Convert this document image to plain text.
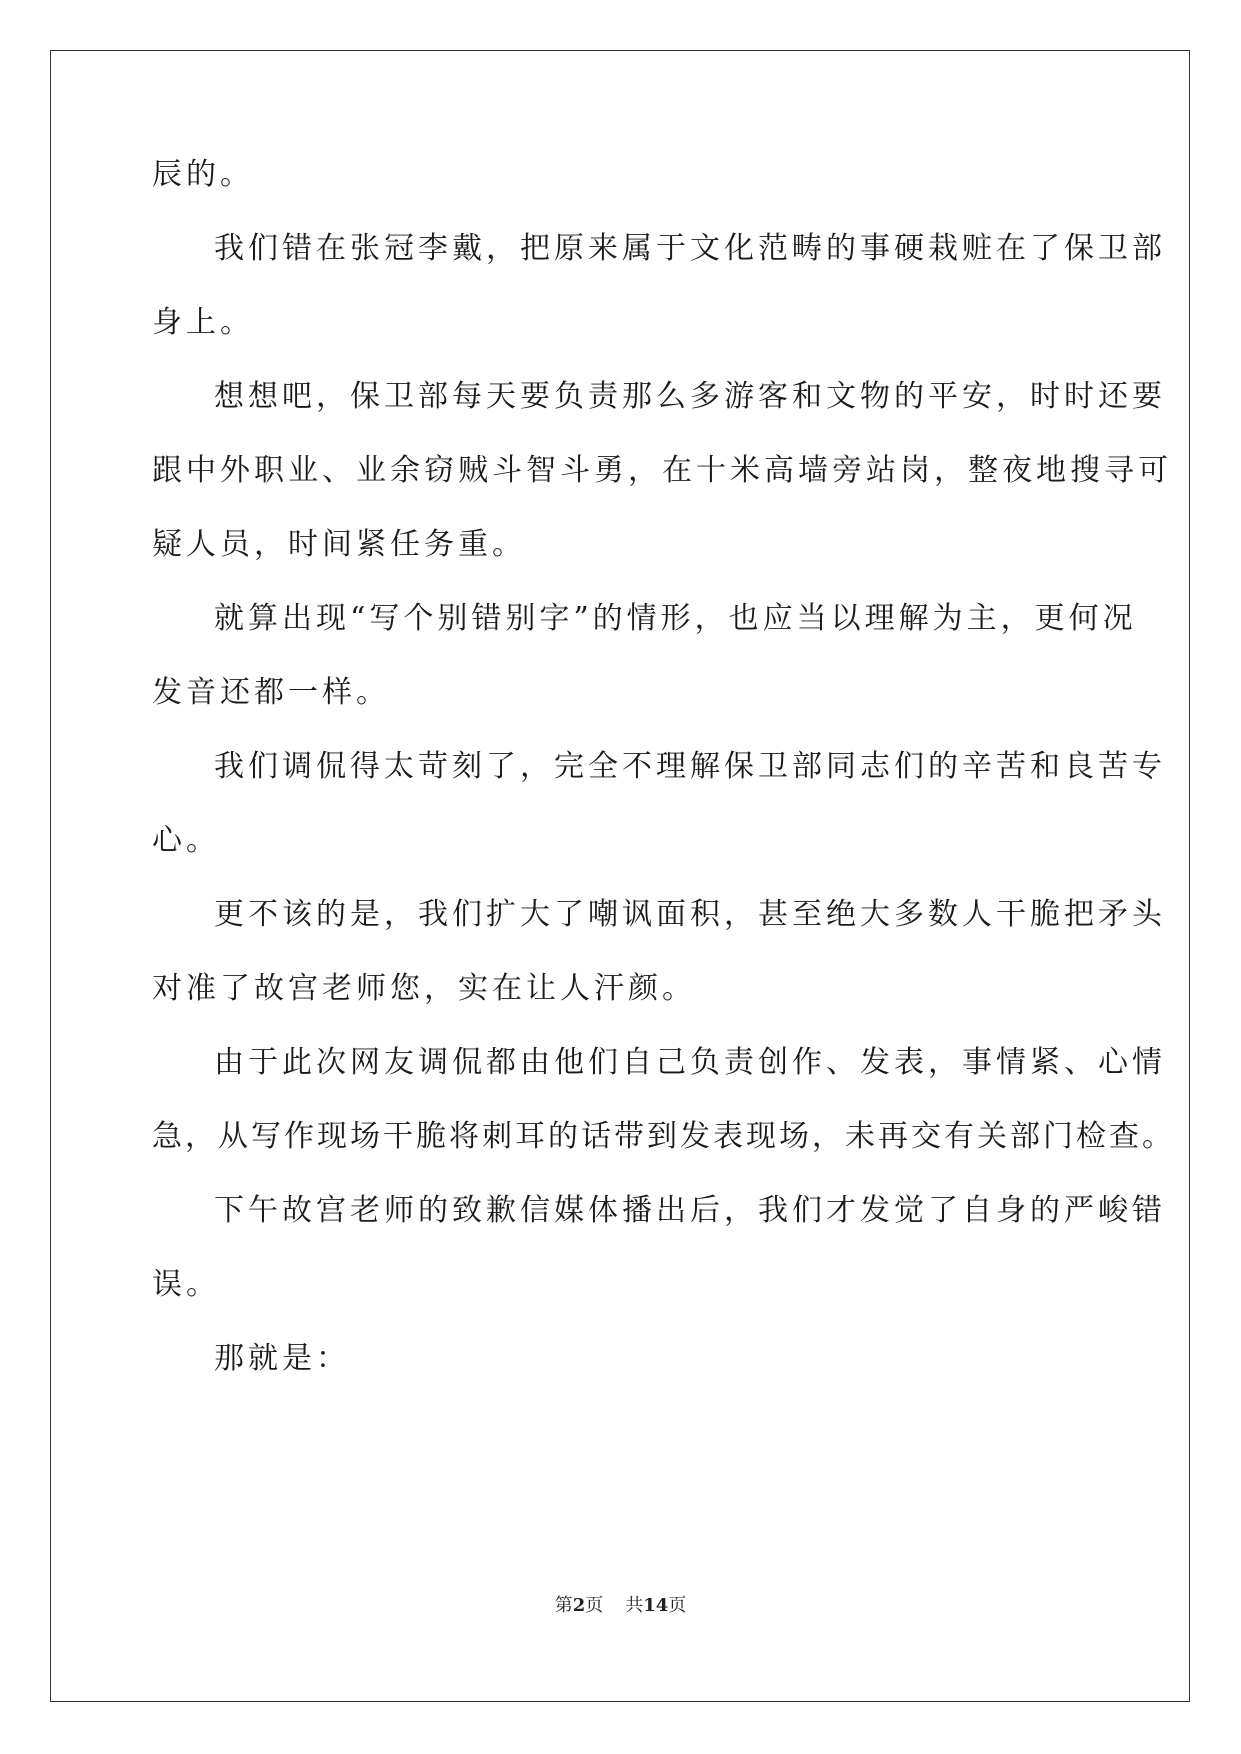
辰的。
我们错在张冠李戴，把原来属于文化范畴的事硬栽赃在了保卫部
身上。
想想吧，保卫部每天要负责那么多游客和文物的平安，时时还要
跟中外职业、业余窃贼斗智斗勇，在十米高墙旁站岗，整夜地搜寻可
疑人员，时间紧任务重。
就算出现“写个别错别字”的情形，也应当以理解为主，更何况
发音还都一样。
我们调侃得太苛刻了，完全不理解保卫部同志们的辛苦和良苦专
心。
更不该的是，我们扩大了嘲讽面积，甚至绝大多数人干脆把矛头
对准了故宫老师您，实在让人汗颜。
由于此次网友调侃都由他们自己负责创作、发表，事情紧、心情
急，从写作现场干脆将刺耳的话带到发表现场，未再交有关部门检查。
下午故宫老师的致歉信媒体播出后，我们才发觉了自身的严峻错
误。
那就是：
第2页 共14页
